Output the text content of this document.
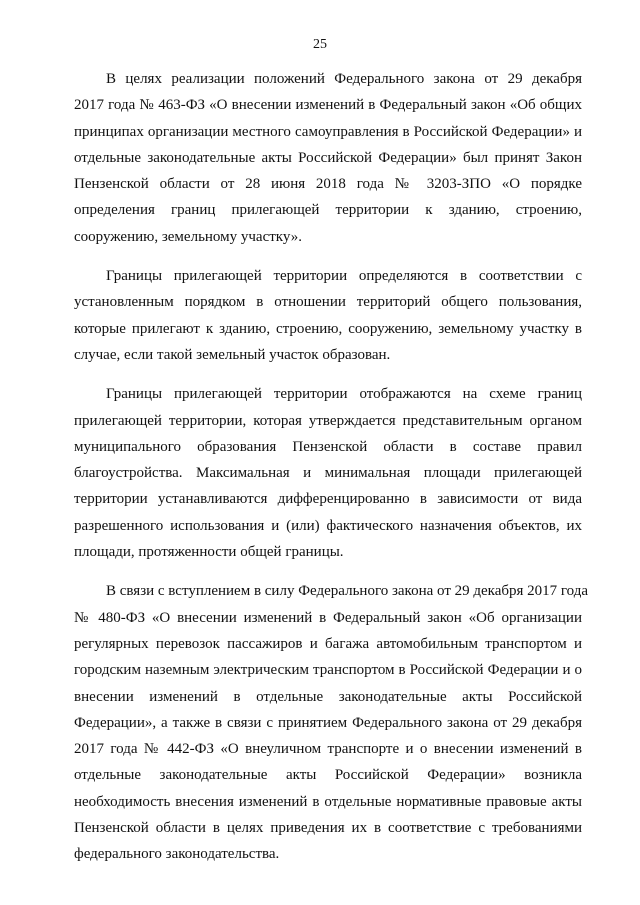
25
В целях реализации положений Федерального закона от 29 декабря
2017 года № 463-ФЗ «О внесении изменений в Федеральный закон «Об общих
принципах организации местного самоуправления в Российской Федерации» и
отдельные законодательные акты Российской Федерации» был принят Закон
Пензенской области от 28 июня 2018 года № 3203-ЗПО «О порядке
определения границ прилегающей территории к зданию, строению,
сооружению, земельному участку».
Границы прилегающей территории определяются в соответствии с
установленным порядком в отношении территорий общего пользования,
которые прилегают к зданию, строению, сооружению, земельному участку в
случае, если такой земельный участок образован.
Границы прилегающей территории отображаются на схеме границ
прилегающей территории, которая утверждается представительным органом
муниципального образования Пензенской области в составе правил
благоустройства. Максимальная и минимальная площади прилегающей
территории устанавливаются дифференцированно в зависимости от вида
разрешенного использования и (или) фактического назначения объектов, их
площади, протяженности общей границы.
В связи с вступлением в силу Федерального закона от 29 декабря 2017 года
№ 480-ФЗ «О внесении изменений в Федеральный закон «Об организации
регулярных перевозок пассажиров и багажа автомобильным транспортом и
городским наземным электрическим транспортом в Российской Федерации и о
внесении изменений в отдельные законодательные акты Российской
Федерации», а также в связи с принятием Федерального закона от 29 декабря
2017 года № 442-ФЗ «О внеуличном транспорте и о внесении изменений в
отдельные законодательные акты Российской Федерации» возникла
необходимость внесения изменений в отдельные нормативные правовые акты
Пензенской области в целях приведения их в соответствие с требованиями
федерального законодательства.
